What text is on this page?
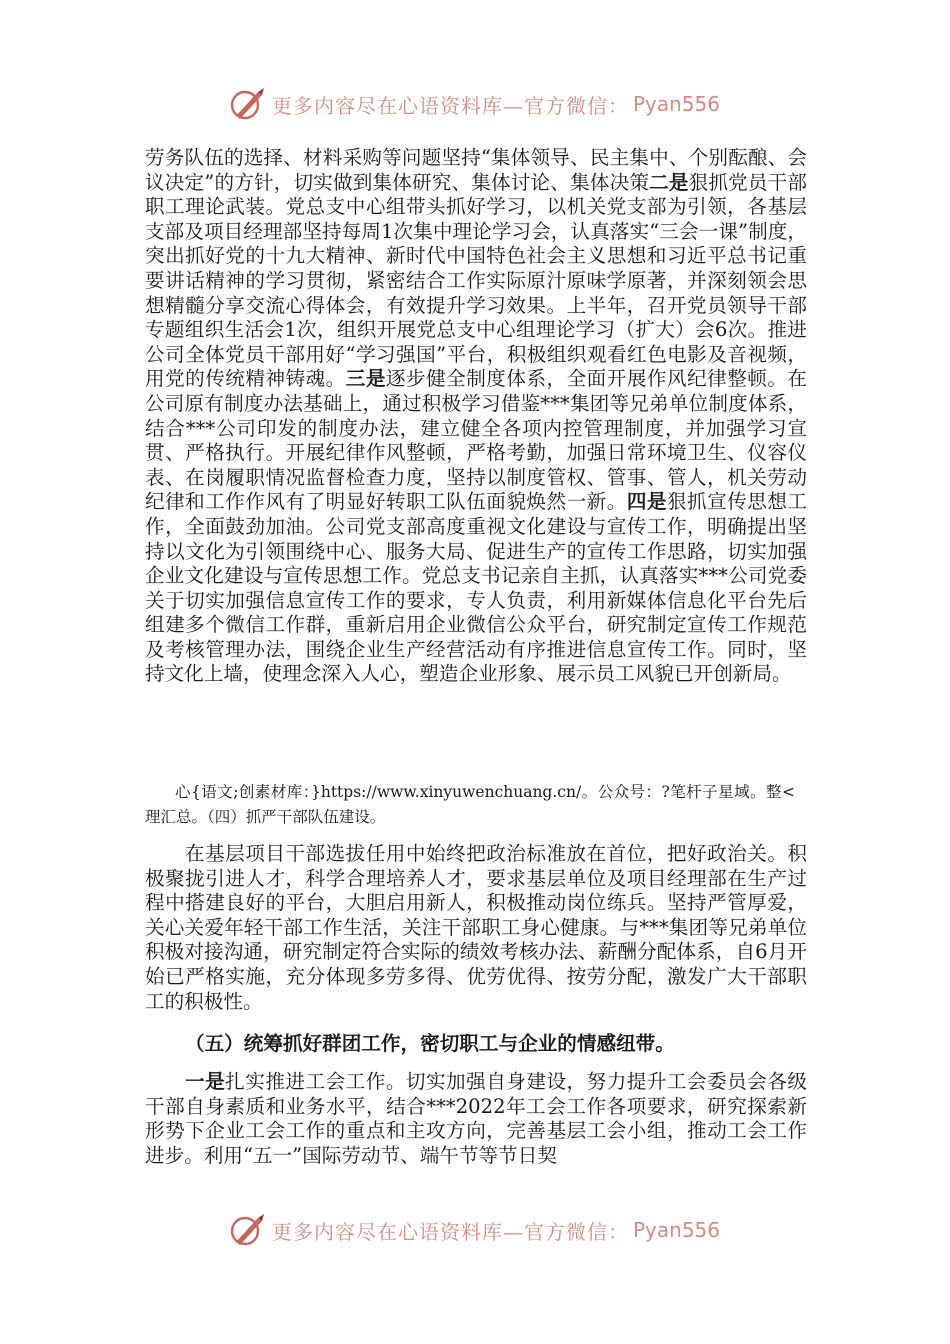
更多内容尽在心语资料库—官方微信： Pyan556

劳务队伍的选择、材料采购等问题坚持“集体领导、民主集中、个别酝酿、会议决定”的方针，切实做到集体研究、集体讨论、集体决策二是狠抓党员干部职工理论武装。党总支中心组带头抓好学习，以机关党支部为引领，各基层支部及项目经理部坚持每周1次集中理论学习会，认真落实“三会一课”制度，突出抓好党的十九大精神、新时代中国特色社会主义思想和习近平总书记重要讲话精神的学习贯彻，紧密结合工作实际原汁原味学原著，并深刻领会思想精髓分享交流心得体会，有效提升学习效果。上半年，召开党员领导干部专题组织生活会1次，组织开展党总支中心组理论学习（扩大）会6次。推进公司全体党员干部用好“学习强国”平台，积极组织观看红色电影及音视频，用党的传统精神铸魂。三是逐步健全制度体系，全面开展作风纪律整顿。在公司原有制度办法基础上，通过积极学习借鉴***集团等兄弟单位制度体系，结合***公司印发的制度办法，建立健全各项内控管理制度，并加强学习宣贯、严格执行。开展纪律作风整顿，严格考勤，加强日常环境卫生、仪容仪表、在岗履职情况监督检查力度，坚持以制度管权、管事、管人，机关劳动纪律和工作作风有了明显好转职工队伍面貌焕然一新。四是狠抓宣传思想工作，全面鼓劲加油。公司党支部高度重视文化建设与宣传工作，明确提出坚持以文化为引领围绕中心、服务大局、促进生产的宣传工作思路，切实加强企业文化建设与宣传思想工作。党总支书记亲自主抓，认真落实***公司党委关于切实加强信息宣传工作的要求，专人负责，利用新媒体信息化平台先后组建多个微信工作群，重新启用企业微信公众平台，研究制定宣传工作规范及考核管理办法，围绕企业生产经营活动有序推进信息宣传工作。同时，坚持文化上墙，使理念深入人心，塑造企业形象、展示员工风貌已开创新局。

心{语文;创素材库：}https://www.xinyuwenchuang.cn/。公众号：?笔杆子星域。整<理汇总。（四）抓严干部队伍建设。

在基层项目干部选拔任用中始终把政治标准放在首位，把好政治关。积极聚拢引进人才，科学合理培养人才，要求基层单位及项目经理部在生产过程中搭建良好的平台，大胆启用新人，积极推动岗位练兵。坚持严管厚爱，关心关爱年轻干部工作生活，关注干部职工身心健康。与***集团等兄弟单位积极对接沟通，研究制定符合实际的绩效考核办法、薪酬分配体系，自6月开始已严格实施，充分体现多劳多得、优劳优得、按劳分配，激发广大干部职工的积极性。

（五）统筹抓好群团工作，密切职工与企业的情感纽带。

一是扎实推进工会工作。切实加强自身建设，努力提升工会委员会各级干部自身素质和业务水平，结合***2022年工会工作各项要求，研究探索新形势下企业工会工作的重点和主攻方向，完善基层工会小组，推动工会工作进步。利用“五一”国际劳动节、端午节等节日契

更多内容尽在心语资料库—官方微信： Pyan556
